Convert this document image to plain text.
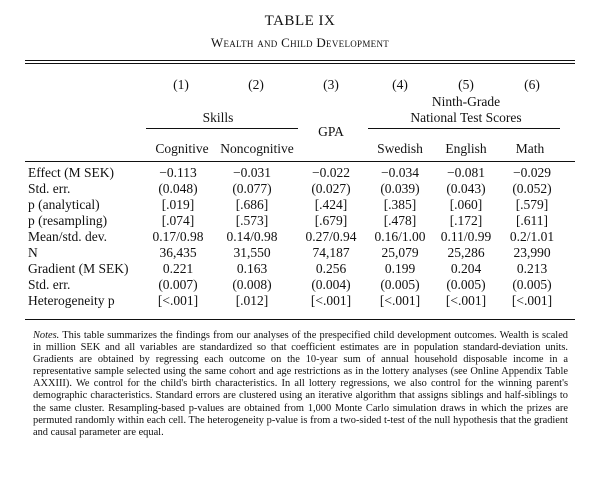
TABLE IX
Wealth and Child Development
(1)	(2)	(3)	(4)	(5)	(6)
Ninth-Grade
Skills	National Test Scores
GPA
Cognitive Noncognitive	Swedish English Math
Effect (M SEK)	−0.113	−0.031	−0.022 −0.034 −0.081 −0.029
Std. err.	(0.048)	(0.077)	(0.027) (0.039) (0.043) (0.052)
p (analytical)	[.019]	[.686]	[.424]	[.385] [.060] [.579]
p (resampling)	[.074]	[.573]	[.679]	[.478] [.172] [.611]
Mean/std. dev.	0.17/0.98 0.14/0.98 0.27/0.94 0.16/1.00 0.11/0.99 0.2/1.01
N	36,435	31,550	74,187 25,079 25,286 23,990
Gradient (M SEK)	0.221	0.163	0.256	0.199	0.204	0.213
Std. err.	(0.007)	(0.008)	(0.004) (0.005) (0.005) (0.005)
Heterogeneity p	[<.001]	[.012]	[<.001] [<.001] [<.001] [<.001]
Notes. This table summarizes the findings from our analyses of the prespecified child development outcomes. Wealth is scaled in million SEK and all variables are standardized so that coefficient estimates are in population standard-deviation units. Gradients are obtained by regressing each outcome on the 10-year sum of annual household disposable income in a representative sample selected using the same cohort and age restrictions as in the lottery analyses (see Online Appendix Table AXXIII). We control for the child's birth characteristics. In all lottery regressions, we also control for the winning parent's demographic characteristics. Standard errors are clustered using an iterative algorithm that assigns siblings and half-siblings to the same cluster. Resampling-based p-values are obtained from 1,000 Monte Carlo simulation draws in which the prizes are permuted randomly within each cell. The heterogeneity p-value is from a two-sided t-test of the null hypothesis that the gradient and causal parameter are equal.
